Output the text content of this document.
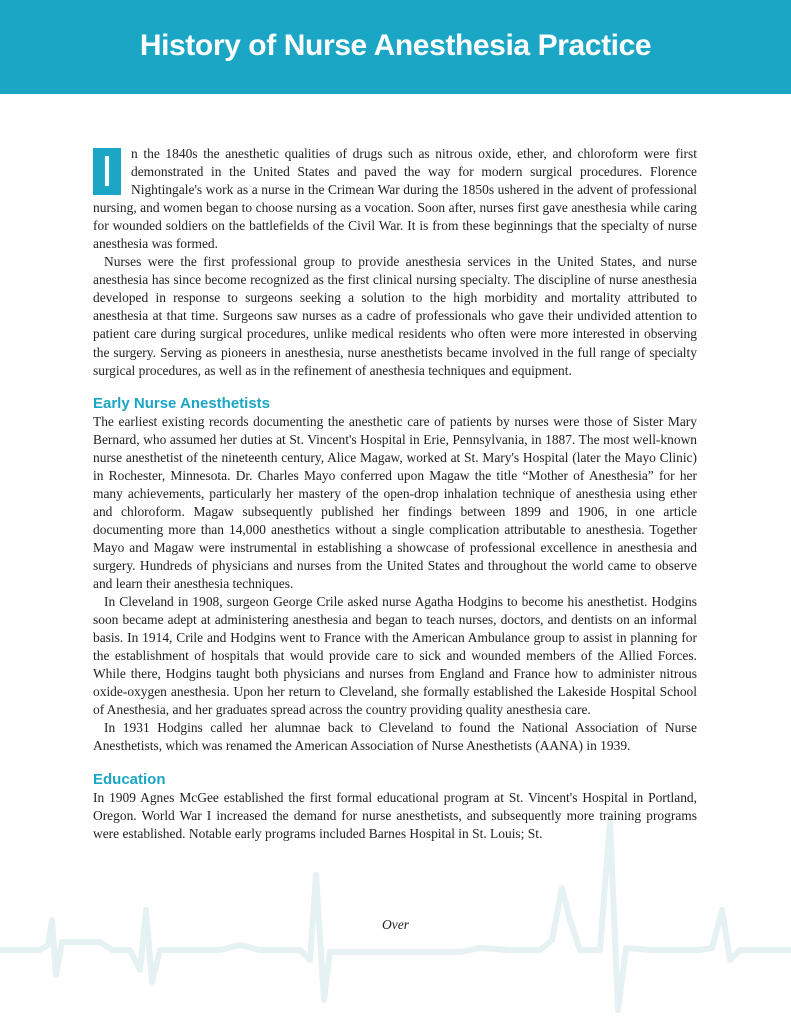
History of Nurse Anesthesia Practice
I	n the 1840s the anesthetic qualities of drugs such as nitrous oxide, ether, and chloroform were first demonstrated in the United States and paved the way for modern surgical procedures. Florence Nightingale's work as a nurse in the Crimean War during the 1850s ushered in the advent of professional nursing, and women began to choose nursing as a vocation. Soon after, nurses first gave anesthesia while caring for wounded soldiers on the battlefields of the Civil War. It is from these beginnings that the specialty of nurse anesthesia was formed.

Nurses were the first professional group to provide anesthesia services in the United States, and nurse anesthesia has since become recognized as the first clinical nursing specialty. The discipline of nurse anesthesia developed in response to surgeons seeking a solution to the high morbidity and mortality attributed to anesthesia at that time. Surgeons saw nurses as a cadre of professionals who gave their undivided attention to patient care during surgical procedures, unlike medical residents who often were more interested in observing the surgery. Serving as pioneers in anesthesia, nurse anesthetists became involved in the full range of specialty surgical procedures, as well as in the refinement of anesthesia techniques and equipment.

Early Nurse Anesthetists

The earliest existing records documenting the anesthetic care of patients by nurses were those of Sister Mary Bernard, who assumed her duties at St. Vincent's Hospital in Erie, Pennsylvania, in 1887. The most well-known nurse anesthetist of the nineteenth century, Alice Magaw, worked at St. Mary's Hospital (later the Mayo Clinic) in Rochester, Minnesota. Dr. Charles Mayo conferred upon Magaw the title “Mother of Anesthesia” for her many achievements, particularly her mastery of the open-drop inhalation technique of anesthesia using ether and chloroform. Magaw subsequently published her findings between 1899 and 1906, in one article documenting more than 14,000 anesthetics without a single complication attributable to anesthesia. Together Mayo and Magaw were instrumental in establishing a showcase of professional excellence in anesthesia and surgery. Hundreds of physicians and nurses from the United States and throughout the world came to observe and learn their anesthesia techniques.

In Cleveland in 1908, surgeon George Crile asked nurse Agatha Hodgins to become his anesthetist. Hodgins soon became adept at administering anesthesia and began to teach nurses, doctors, and dentists on an informal basis. In 1914, Crile and Hodgins went to France with the American Ambulance group to assist in planning for the establishment of hospitals that would provide care to sick and wounded members of the Allied Forces. While there, Hodgins taught both physicians and nurses from England and France how to administer nitrous oxide-oxygen anesthesia. Upon her return to Cleveland, she formally established the Lakeside Hospital School of Anesthesia, and her graduates spread across the country providing quality anesthesia care.

In 1931 Hodgins called her alumnae back to Cleveland to found the National Association of Nurse Anesthetists, which was renamed the American Association of Nurse Anesthetists (AANA) in 1939.

Education

In 1909 Agnes McGee established the first formal educational program at St. Vincent's Hospital in Portland, Oregon. World War I increased the demand for nurse anesthetists, and subsequently more training programs were established. Notable early programs included Barnes Hospital in St. Louis; St.

Over
